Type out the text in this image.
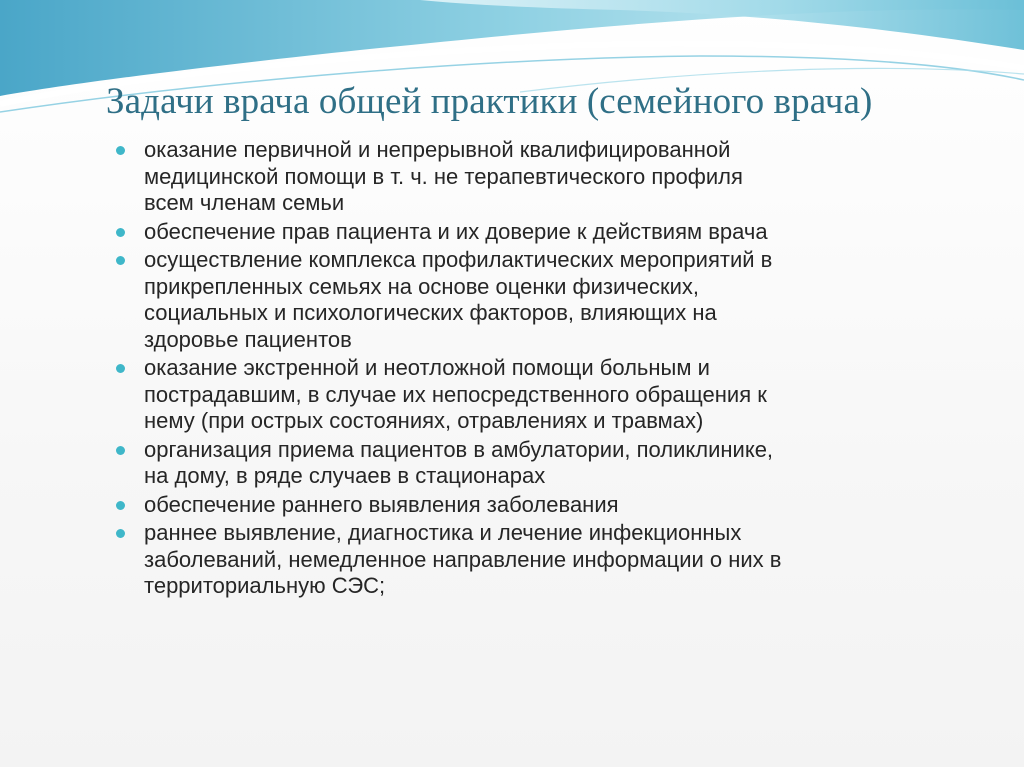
Задачи врача общей практики (семейного врача)
оказание первичной и непрерывной квалифицированной
медицинской помощи в т. ч. не терапевтического профиля
всем членам семьи
обеспечение прав пациента и их доверие к действиям врача
осуществление комплекса профилактических мероприятий в
прикрепленных семьях на основе оценки физических,
социальных и психологических факторов, влияющих на
здоровье пациентов
оказание экстренной и неотложной помощи больным и
пострадавшим, в случае их непосредственного обращения к
нему (при острых состояниях, отравлениях и травмах)
организация приема пациентов в амбулатории, поликлинике,
на дому, в ряде случаев в стационарах
обеспечение раннего выявления заболевания
раннее выявление, диагностика и лечение инфекционных
заболеваний, немедленное направление информации о них в
территориальную СЭС;
